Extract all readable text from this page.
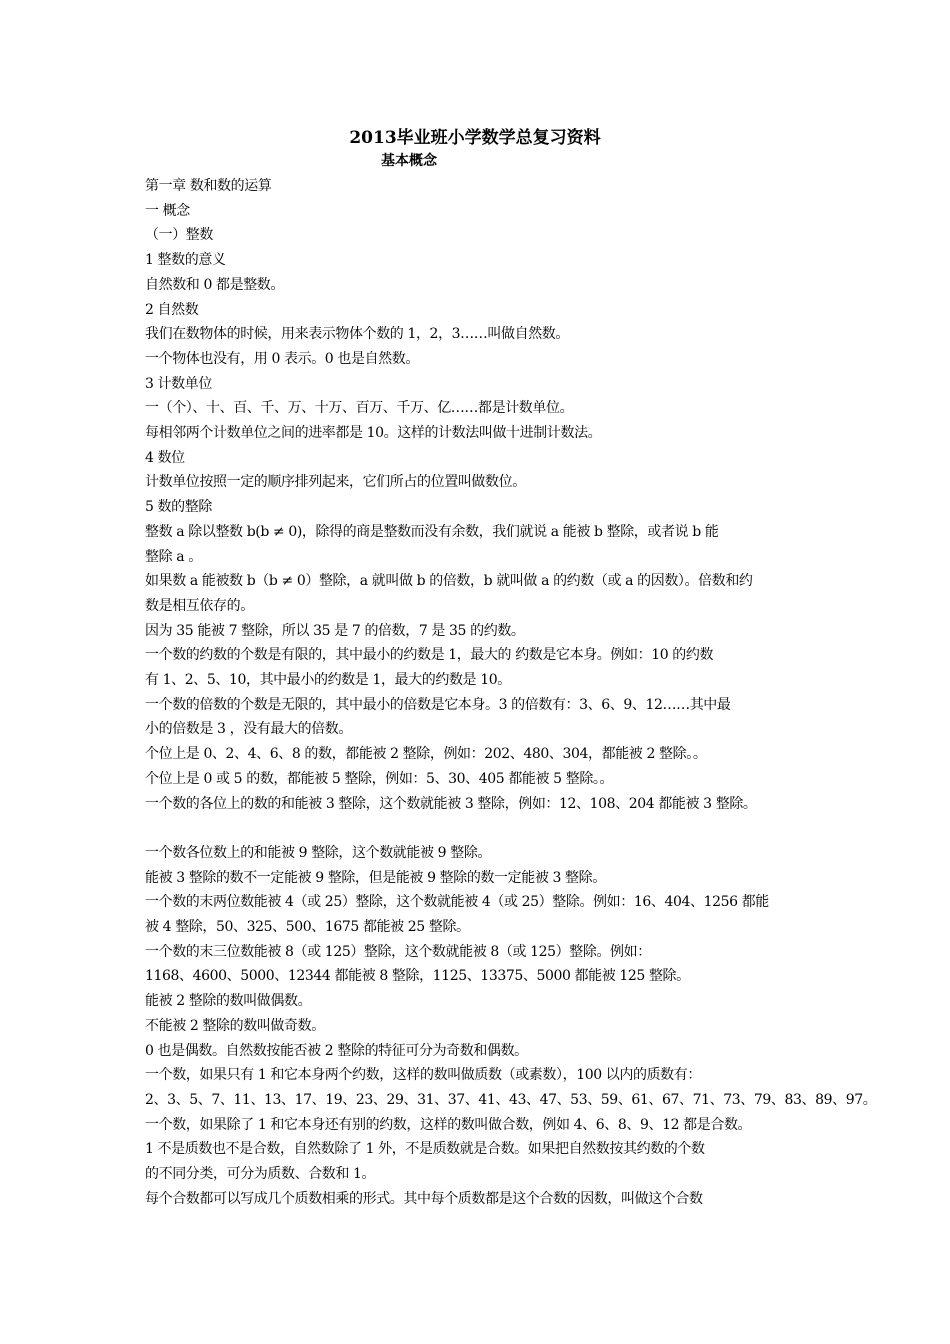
2013毕业班小学数学总复习资料
基本概念

第一章 数和数的运算

一 概念

（一）整数

1 整数的意义

自然数和 0 都是整数。

2 自然数

我们在数物体的时候，用来表示物体个数的 1，2，3……叫做自然数。

一个物体也没有，用 0 表示。0 也是自然数。

3 计数单位

一（个）、十、百、千、万、十万、百万、千万、亿……都是计数单位。

每相邻两个计数单位之间的进率都是 10。这样的计数法叫做十进制计数法。

4 数位

计数单位按照一定的顺序排列起来，它们所占的位置叫做数位。

5 数的整除

整数 a 除以整数 b(b ≠ 0)，除得的商是整数而没有余数，我们就说 a 能被 b 整除，或者说 b 能

整除 a 。

如果数 a 能被数 b（b ≠ 0）整除，a 就叫做 b 的倍数，b 就叫做 a 的约数（或 a 的因数）。倍数和约

数是相互依存的。

因为 35 能被 7 整除，所以 35 是 7 的倍数，7 是 35 的约数。

一个数的约数的个数是有限的，其中最小的约数是 1，最大的 约数是它本身。例如：10 的约数

有 1、2、5、10，其中最小的约数是 1，最大的约数是 10。

一个数的倍数的个数是无限的，其中最小的倍数是它本身。3 的倍数有：3、6、9、12……其中最

小的倍数是 3 ，没有最大的倍数。

个位上是 0、2、4、6、8 的数，都能被 2 整除，例如：202、480、304，都能被 2 整除。。

个位上是 0 或 5 的数，都能被 5 整除，例如：5、30、405 都能被 5 整除。。

一个数的各位上的数的和能被 3 整除，这个数就能被 3 整除，例如：12、108、204 都能被 3 整除。

一个数各位数上的和能被 9 整除，这个数就能被 9 整除。

能被 3 整除的数不一定能被 9 整除，但是能被 9 整除的数一定能被 3 整除。

一个数的末两位数能被 4（或 25）整除，这个数就能被 4（或 25）整除。例如：16、404、1256 都能

被 4 整除，50、325、500、1675 都能被 25 整除。

一个数的末三位数能被 8（或 125）整除，这个数就能被 8（或 125）整除。例如：

1168、4600、5000、12344 都能被 8 整除，1125、13375、5000 都能被 125 整除。

能被 2 整除的数叫做偶数。

不能被 2 整除的数叫做奇数。

0 也是偶数。自然数按能否被 2 整除的特征可分为奇数和偶数。

一个数，如果只有 1 和它本身两个约数，这样的数叫做质数（或素数），100 以内的质数有：

2、3、5、7、11、13、17、19、23、29、31、37、41、43、47、53、59、61、67、71、73、79、83、89、97。

一个数，如果除了 1 和它本身还有别的约数，这样的数叫做合数，例如 4、6、8、9、12 都是合数。

1 不是质数也不是合数，自然数除了 1 外，不是质数就是合数。如果把自然数按其约数的个数

的不同分类，可分为质数、合数和 1。

每个合数都可以写成几个质数相乘的形式。其中每个质数都是这个合数的因数，叫做这个合数
